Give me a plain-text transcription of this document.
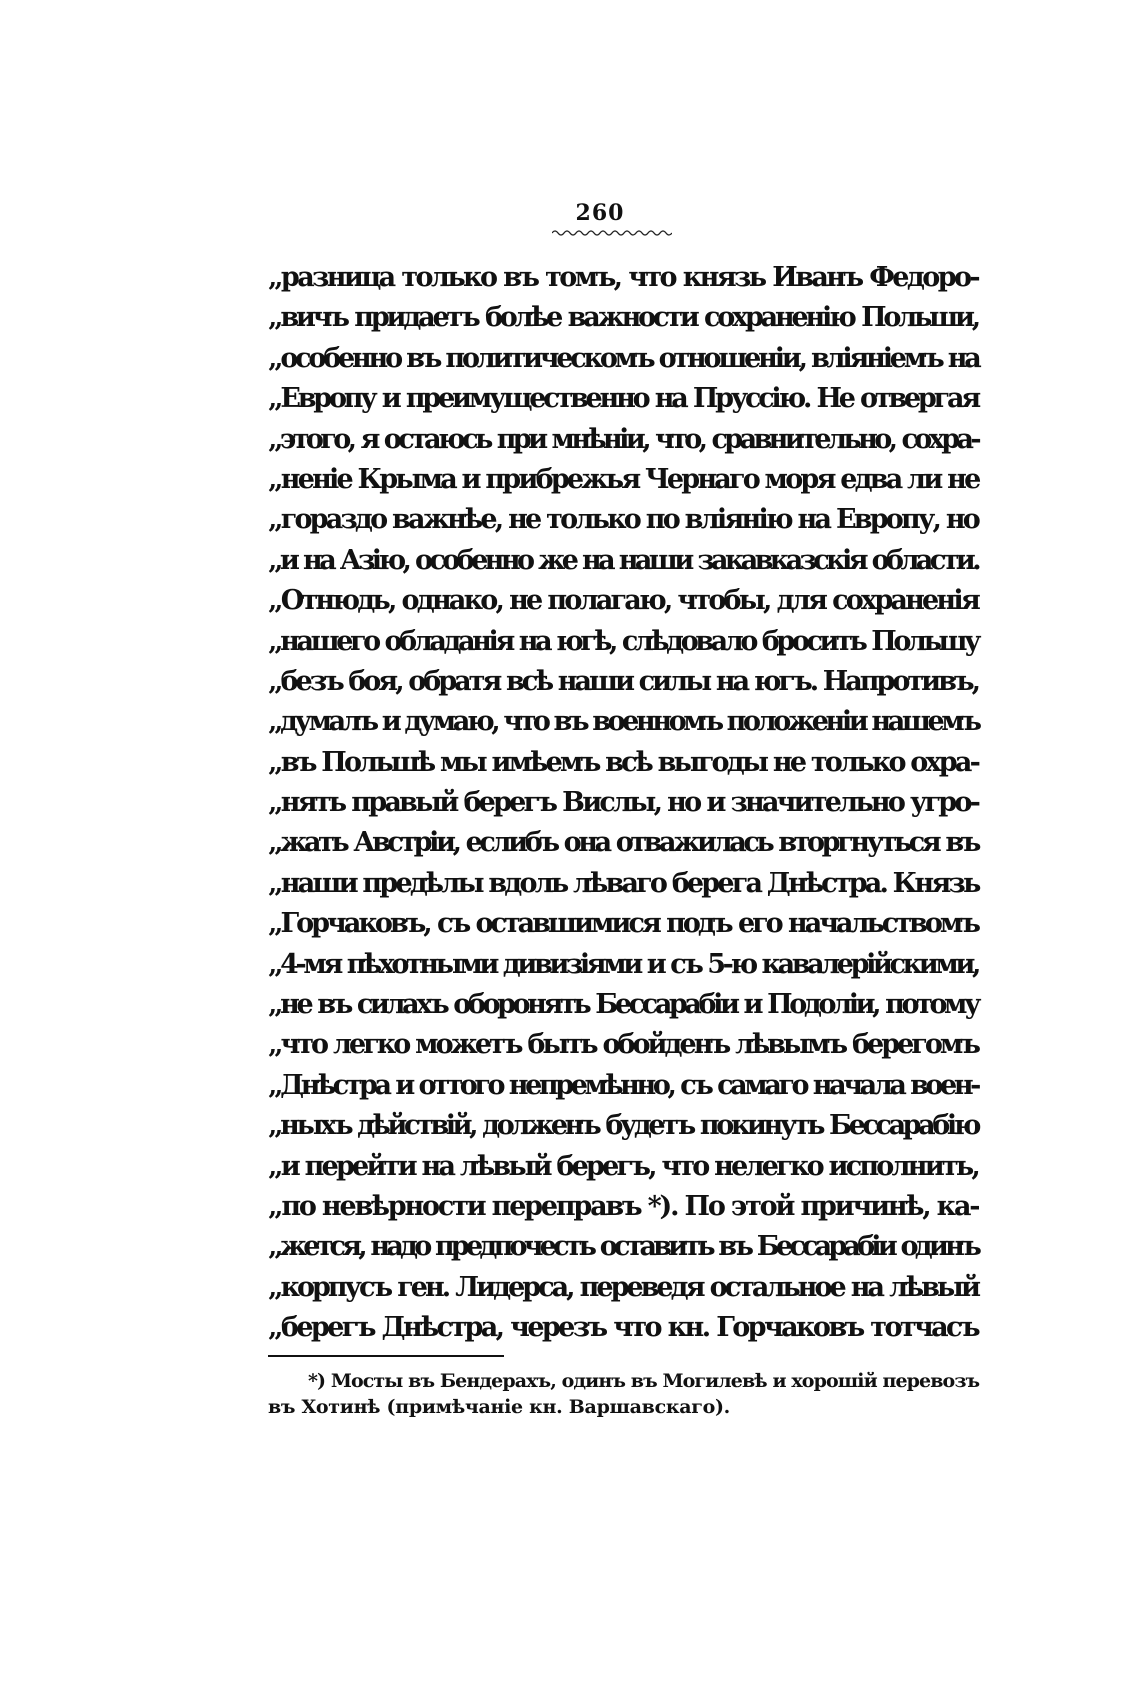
260
„разница только въ томъ, что князь Иванъ Федоро-
„вичъ придаетъ болѣе важности сохраненію Польши,
„особенно въ политическомъ отношеніи, вліяніемъ на
„Европу и преимущественно на Пруссію. Не отвергая
„этого, я остаюсь при мнѣніи, что, сравнительно, сохра-
„неніе Крыма и прибрежья Чернаго моря едва ли не
„гораздо важнѣе, не только по вліянію на Европу, но
„и на Азію, особенно же на наши закавказскія области.
„Отнюдь, однако, не полагаю, чтобы, для сохраненія
„нашего обладанія на югѣ, слѣдовало бросить Польшу
„безъ боя, обратя всѣ наши силы на югъ. Напротивъ,
„думалъ и думаю, что въ военномъ положеніи нашемъ
„въ Польшѣ мы имѣемъ всѣ выгоды не только охра-
„нять правый берегъ Вислы, но и значительно угро-
„жать Австріи, еслибъ она отважилась вторгнуться въ
„наши предѣлы вдоль лѣваго берега Днѣстра. Князь
„Горчаковъ, съ оставшимися подъ его начальствомъ
„4-мя пѣхотными дивизіями и съ 5-ю кавалерійскими,
„не въ силахъ оборонять Бессарабіи и Подоліи, потому
„что легко можетъ быть обойденъ лѣвымъ берегомъ
„Днѣстра и оттого непремѣнно, съ самаго начала воен-
„ныхъ дѣйствій, долженъ будетъ покинуть Бессарабію
„и перейти на лѣвый берегъ, что нелегко исполнить,
„по невѣрности переправъ *). По этой причинѣ, ка-
„жется, надо предпочесть оставить въ Бессарабіи одинъ
„корпусъ ген. Лидерса, переведя остальное на лѣвый
„берегъ Днѣстра, черезъ что кн. Горчаковъ тотчасъ
*) Мосты въ Бендерахъ, одинъ въ Могилевѣ и хорошій перевозъ
въ Хотинѣ (примѣчаніе кн. Варшавскаго).
